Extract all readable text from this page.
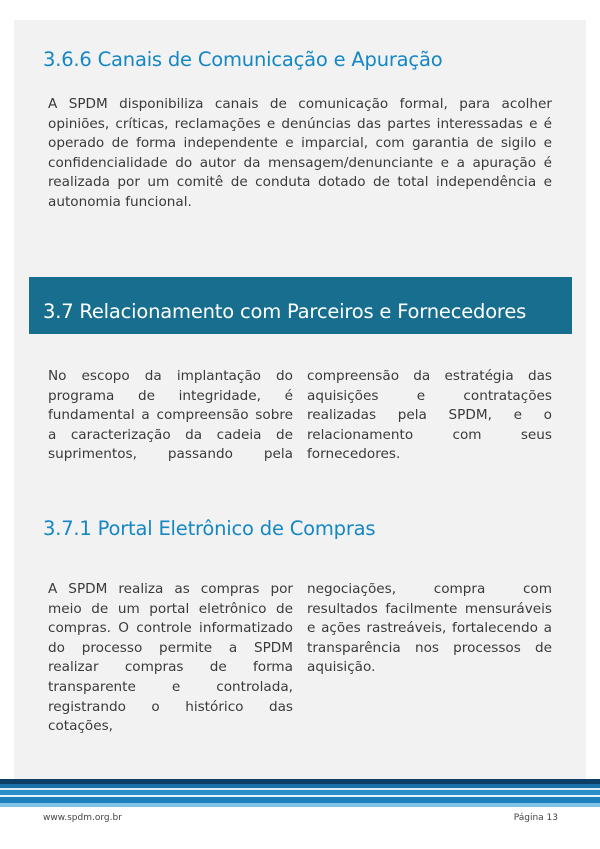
3.6.6 Canais de Comunicação e Apuração

A SPDM disponibiliza canais de comunicação formal, para acolher opiniões, críticas, reclamações e denúncias das partes interessadas e é operado de forma independente e imparcial, com garantia de sigilo e confidencialidade do autor da mensagem/denunciante e a apuração é realizada por um comitê de conduta dotado de total independência e autonomia funcional.

3.7 Relacionamento com Parceiros e Fornecedores

No escopo da implantação do programa de integridade, é fundamental a compreensão sobre a caracterização da cadeia de suprimentos, passando pela

compreensão da estratégia das aquisições e contratações realizadas pela SPDM, e o relacionamento com seus fornecedores.

3.7.1 Portal Eletrônico de Compras

A SPDM realiza as compras por meio de um portal eletrônico de compras. O controle informatizado do processo permite a SPDM realizar compras de forma transparente e controlada, registrando o histórico das cotações,

negociações, compra com resultados facilmente mensuráveis e ações rastreáveis, fortalecendo a transparência nos processos de aquisição.

www.spdm.org.br	Página 13
